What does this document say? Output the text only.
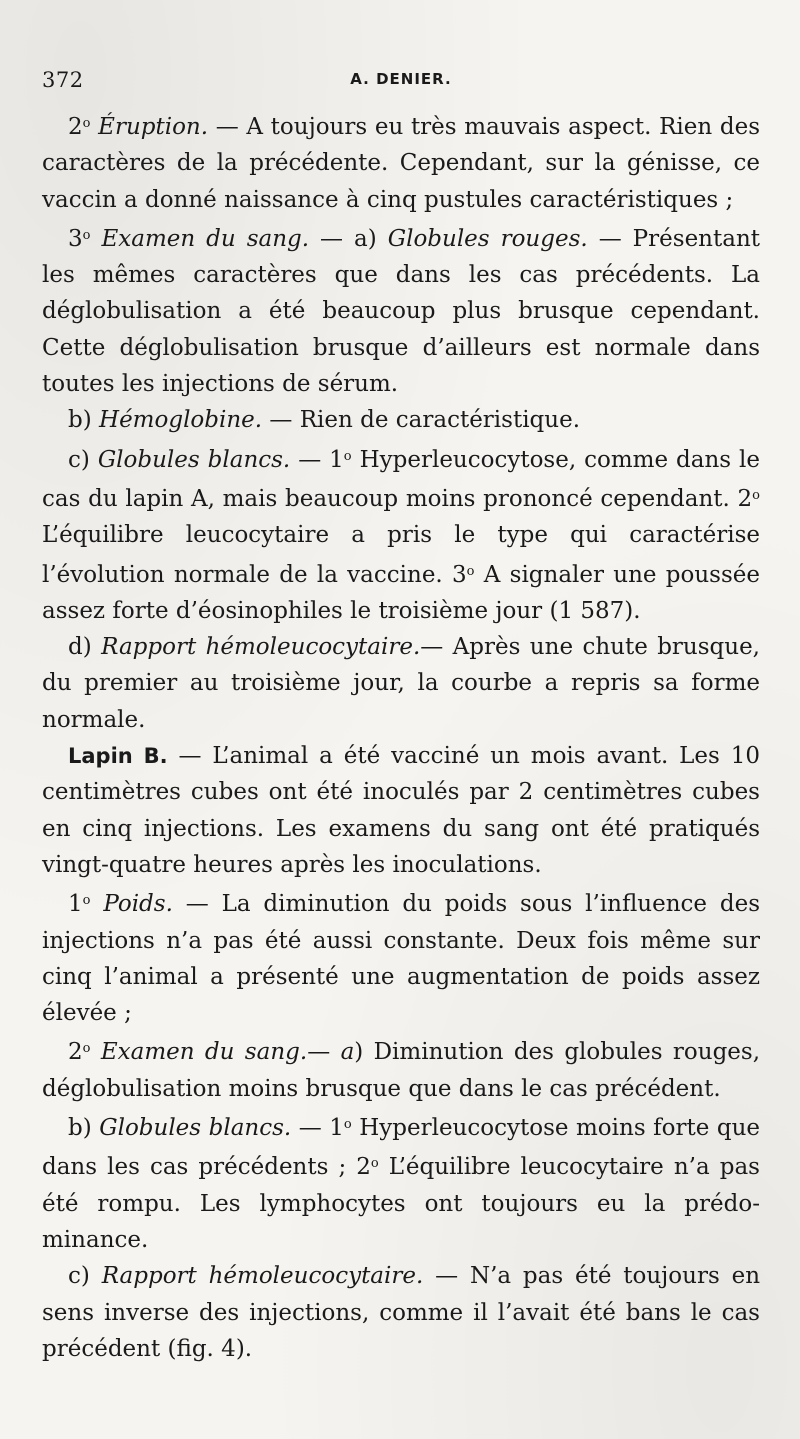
372	A. DENIER.

2$^o$ Éruption. — A toujours eu très mauvais aspect. Rien des caractères de la précédente. Cependant, sur la génisse, ce vaccin a donné naissance à cinq pustules caractéristiques ;

3$^o$ Examen du sang. — a) Globules rouges. — Présentant les mêmes caractères que dans les cas précédents. La déglobulisation a été beaucoup plus brusque cependant. Cette déglobulisation brusque d’ailleurs est normale dans toutes les injections de sérum.

b) Hémoglobine. — Rien de caractéristique.

c) Globules blancs. — 1$^o$ Hyperleucocytose, comme dans le cas du lapin A, mais beaucoup moins prononcé cependant. 2$^o$ L’équilibre leucocytaire a pris le type qui caractérise l’évolution normale de la vaccine. 3$^o$ A signaler une poussée assez forte d’éosinophiles le troisième jour (1 587).

d) Rapport hémoleucocytaire.— Après une chute brusque, du premier au troisième jour, la courbe a repris sa forme normale.

Lapin B. — L’animal a été vacciné un mois avant. Les 10 centimètres cubes ont été inoculés par 2 centimètres cubes en cinq injections. Les examens du sang ont été pratiqués vingt-quatre heures après les inoculations.

1$^o$ Poids. — La diminution du poids sous l’influence des injections n’a pas été aussi constante. Deux fois même sur cinq l’animal a présenté une augmentation de poids assez élevée ;

2$^o$ Examen du sang.— a) Diminution des globules rouges, déglobulisation moins brusque que dans le cas précédent.

b) Globules blancs. — 1$^o$ Hyperleucocytose moins forte que dans les cas précédents ; 2$^o$ L’équilibre leucocytaire n’a pas été rompu. Les lymphocytes ont toujours eu la prédominance.

c) Rapport hémoleucocytaire. — N’a pas été toujours en sens inverse des injections, comme il l’avait été bans le cas précédent (fig. 4).
